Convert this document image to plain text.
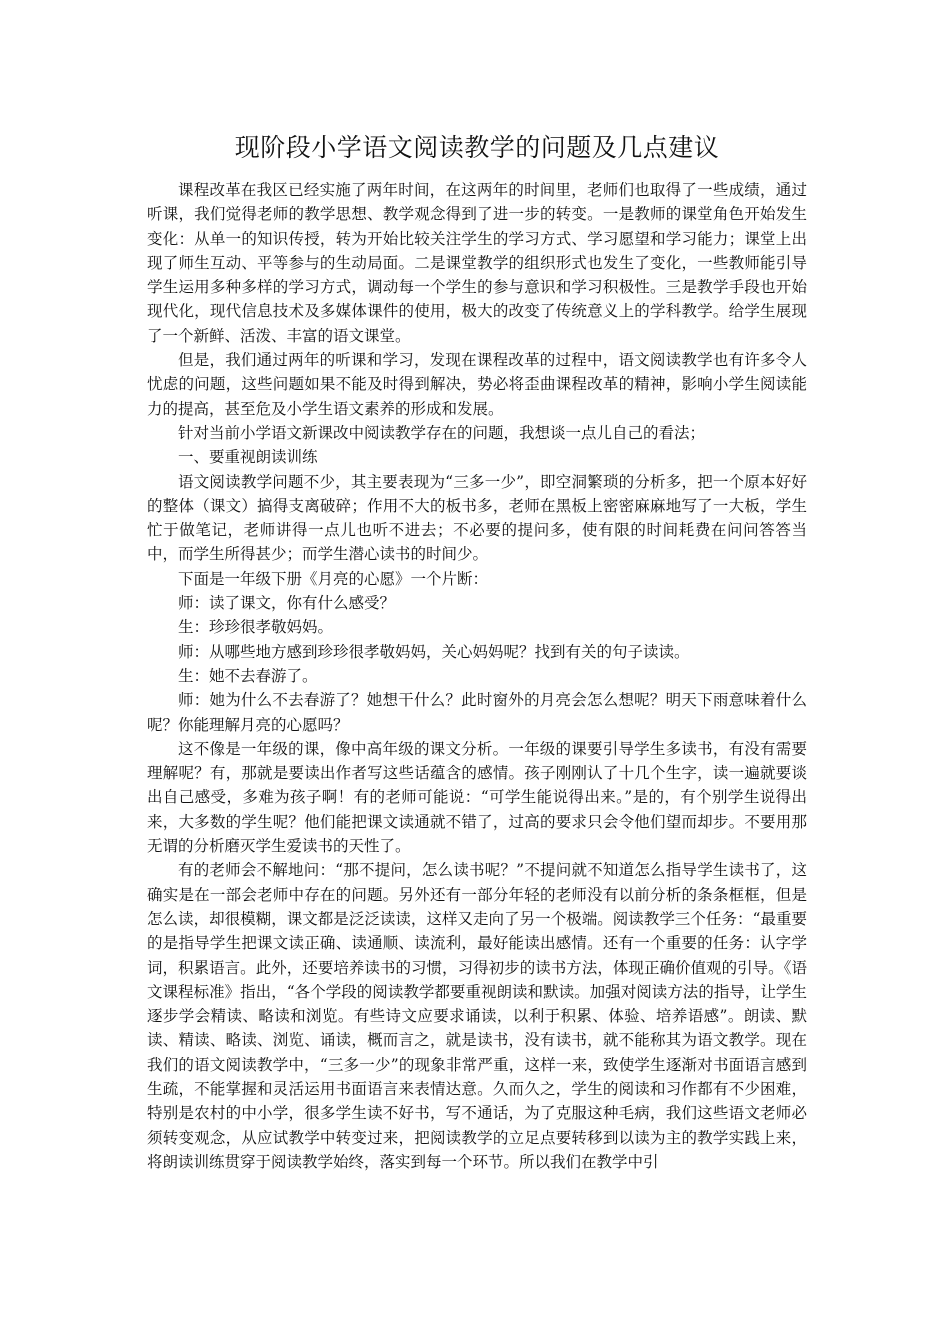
现阶段小学语文阅读教学的问题及几点建议

课程改革在我区已经实施了两年时间，在这两年的时间里，老师们也取得了一些成绩，通过听课，我们觉得老师的教学思想、教学观念得到了进一步的转变。一是教师的课堂角色开始发生变化：从单一的知识传授，转为开始比较关注学生的学习方式、学习愿望和学习能力；课堂上出现了师生互动、平等参与的生动局面。二是课堂教学的组织形式也发生了变化，一些教师能引导学生运用多种多样的学习方式，调动每一个学生的参与意识和学习积极性。三是教学手段也开始现代化，现代信息技术及多媒体课件的使用，极大的改变了传统意义上的学科教学。给学生展现了一个新鲜、活泼、丰富的语文课堂。

但是，我们通过两年的听课和学习，发现在课程改革的过程中，语文阅读教学也有许多令人忧虑的问题，这些问题如果不能及时得到解决，势必将歪曲课程改革的精神，影响小学生阅读能力的提高，甚至危及小学生语文素养的形成和发展。

针对当前小学语文新课改中阅读教学存在的问题，我想谈一点儿自己的看法；

一、要重视朗读训练

语文阅读教学问题不少，其主要表现为“三多一少”，即空洞繁琐的分析多，把一个原本好好的整体（课文）搞得支离破碎；作用不大的板书多，老师在黑板上密密麻麻地写了一大板，学生忙于做笔记，老师讲得一点儿也听不进去；不必要的提问多，使有限的时间耗费在问问答答当中，而学生所得甚少；而学生潜心读书的时间少。

下面是一年级下册《月亮的心愿》一个片断：

师：读了课文，你有什么感受？

生：珍珍很孝敬妈妈。

师：从哪些地方感到珍珍很孝敬妈妈，关心妈妈呢？找到有关的句子读读。

生：她不去春游了。

师：她为什么不去春游了？她想干什么？此时窗外的月亮会怎么想呢？明天下雨意味着什么呢？你能理解月亮的心愿吗？

这不像是一年级的课，像中高年级的课文分析。一年级的课要引导学生多读书，有没有需要理解呢？有，那就是要读出作者写这些话蕴含的感情。孩子刚刚认了十几个生字，读一遍就要谈出自己感受，多难为孩子啊！有的老师可能说：“可学生能说得出来。”是的，有个别学生说得出来，大多数的学生呢？他们能把课文读通就不错了，过高的要求只会令他们望而却步。不要用那无谓的分析磨灭学生爱读书的天性了。

有的老师会不解地问：“那不提问，怎么读书呢？”不提问就不知道怎么指导学生读书了，这确实是在一部会老师中存在的问题。另外还有一部分年轻的老师没有以前分析的条条框框，但是怎么读，却很模糊，课文都是泛泛读读，这样又走向了另一个极端。阅读教学三个任务：“最重要的是指导学生把课文读正确、读通顺、读流利，最好能读出感情。还有一个重要的任务：认字学词，积累语言。此外，还要培养读书的习惯，习得初步的读书方法，体现正确价值观的引导。《语文课程标准》指出，“各个学段的阅读教学都要重视朗读和默读。加强对阅读方法的指导，让学生逐步学会精读、略读和浏览。有些诗文应要求诵读，以利于积累、体验、培养语感”。朗读、默读、精读、略读、浏览、诵读，概而言之，就是读书，没有读书，就不能称其为语文教学。现在我们的语文阅读教学中，“三多一少”的现象非常严重，这样一来，致使学生逐渐对书面语言感到生疏，不能掌握和灵活运用书面语言来表情达意。久而久之，学生的阅读和习作都有不少困难，特别是农村的中小学，很多学生读不好书，写不通话，为了克服这种毛病，我们这些语文老师必须转变观念，从应试教学中转变过来，把阅读教学的立足点要转移到以读为主的教学实践上来，将朗读训练贯穿于阅读教学始终，落实到每一个环节。所以我们在教学中引
